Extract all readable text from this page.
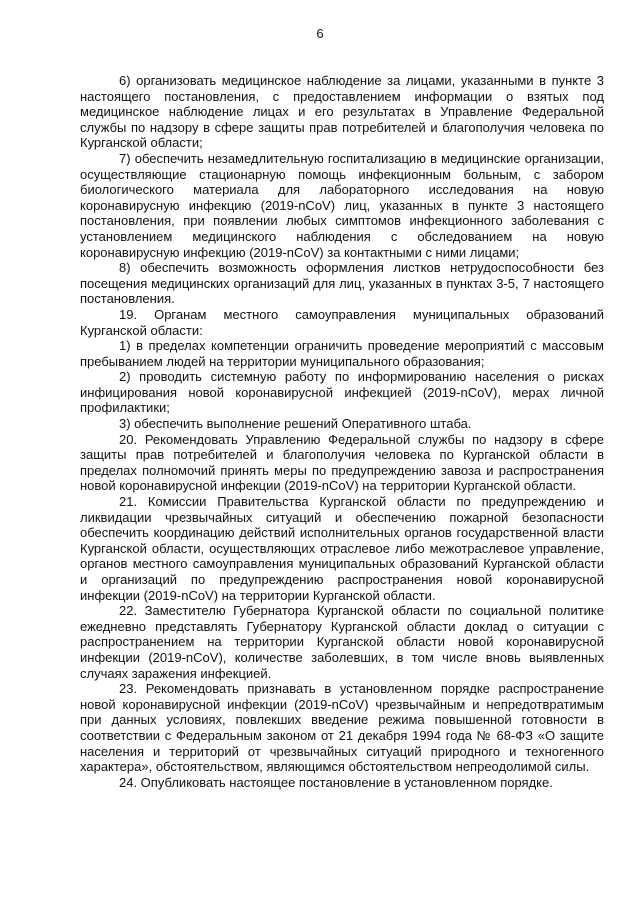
6

6) организовать медицинское наблюдение за лицами, указанными в пункте 3 настоящего постановления, с предоставлением информации о взятых под медицинское наблюдение лицах и его результатах в Управление Федеральной службы по надзору в сфере защиты прав потребителей и благополучия человека по Курганской области;

7) обеспечить незамедлительную госпитализацию в медицинские организации, осуществляющие стационарную помощь инфекционным больным, с забором биологического материала для лабораторного исследования на новую коронавирусную инфекцию (2019-nCoV) лиц, указанных в пункте 3 настоящего постановления, при появлении любых симптомов инфекционного заболевания с установлением медицинского наблюдения с обследованием на новую коронавирусную инфекцию (2019-nCoV) за контактными с ними лицами;

8) обеспечить возможность оформления листков нетрудоспособности без посещения медицинских организаций для лиц, указанных в пунктах 3-5, 7 настоящего постановления.

19. Органам местного самоуправления муниципальных образований Курганской области:

1) в пределах компетенции ограничить проведение мероприятий с массовым пребыванием людей на территории муниципального образования;

2) проводить системную работу по информированию населения о рисках инфицирования новой коронавирусной инфекцией (2019-nCoV), мерах личной профилактики;

3) обеспечить выполнение решений Оперативного штаба.

20. Рекомендовать Управлению Федеральной службы по надзору в сфере защиты прав потребителей и благополучия человека по Курганской области в пределах полномочий принять меры по предупреждению завоза и распространения новой коронавирусной инфекции (2019-nCoV) на территории Курганской области.

21. Комиссии Правительства Курганской области по предупреждению и ликвидации чрезвычайных ситуаций и обеспечению пожарной безопасности обеспечить координацию действий исполнительных органов государственной власти Курганской области, осуществляющих отраслевое либо межотраслевое управление, органов местного самоуправления муниципальных образований Курганской области и организаций по предупреждению распространения новой коронавирусной инфекции (2019-nCoV) на территории Курганской области.

22. Заместителю Губернатора Курганской области по социальной политике ежедневно представлять Губернатору Курганской области доклад о ситуации с распространением на территории Курганской области новой коронавирусной инфекции (2019-nCoV), количестве заболевших, в том числе вновь выявленных случаях заражения инфекцией.

23. Рекомендовать признавать в установленном порядке распространение новой коронавирусной инфекции (2019-nCoV) чрезвычайным и непредотвратимым при данных условиях, повлекших введение режима повышенной готовности в соответствии с Федеральным законом от 21 декабря 1994 года № 68-ФЗ «О защите населения и территорий от чрезвычайных ситуаций природного и техногенного характера», обстоятельством, являющимся обстоятельством непреодолимой силы.

24. Опубликовать настоящее постановление в установленном порядке.
